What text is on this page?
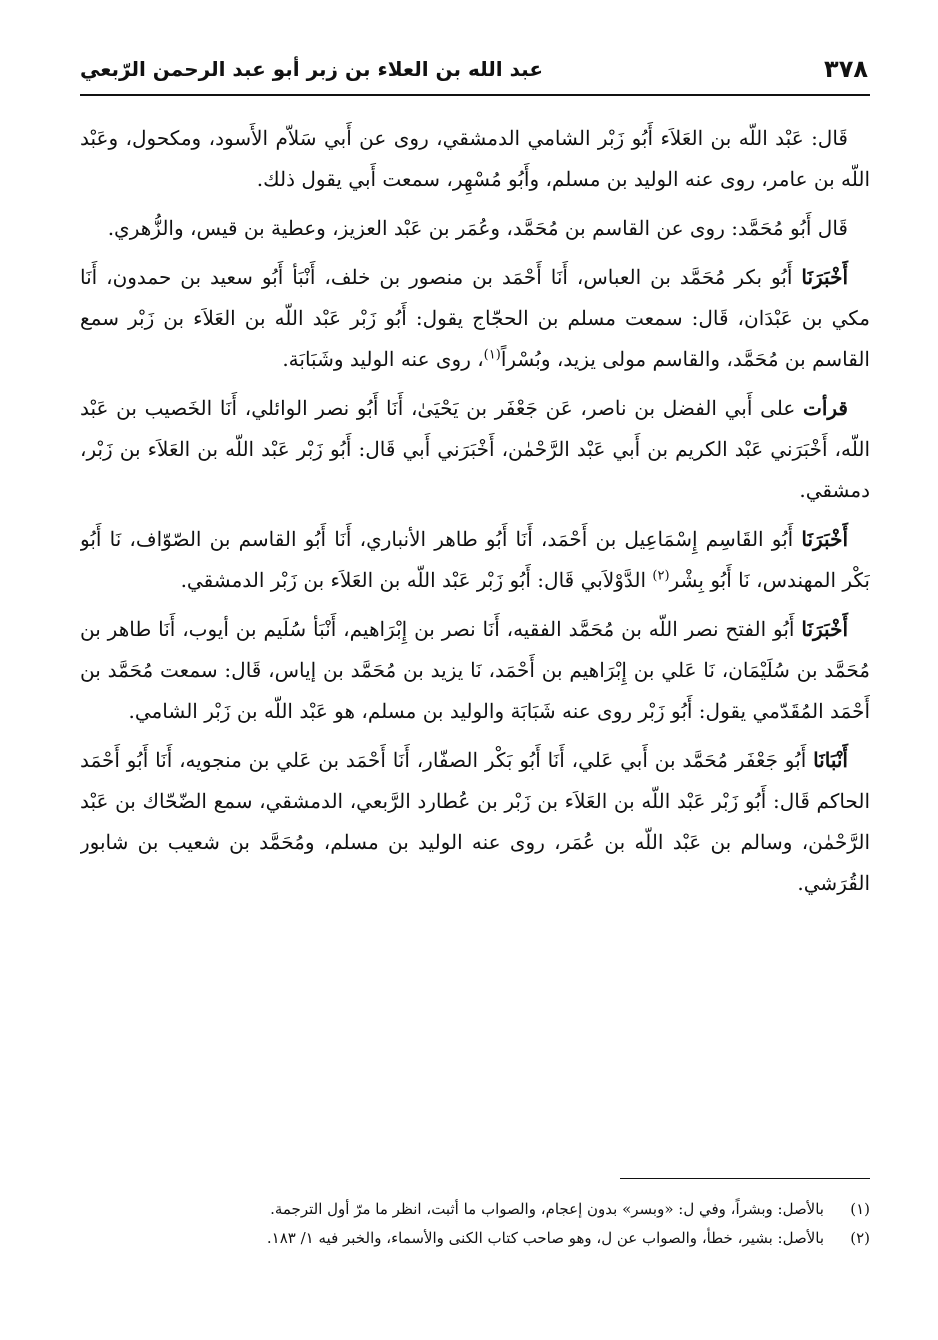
٣٧٨
عبد الله بن العلاء بن زبر أبو عبد الرحمن الرّبعي

قَال: عَبْد اللّه بن العَلاَء أَبُو زَبْر الشامي الدمشقي، روى عن أَبي سَلاّم الأَسود، ومكحول، وعَبْد اللّه بن عامر، روى عنه الوليد بن مسلم، وأَبُو مُسْهِر، سمعت أَبي يقول ذلك.

قَال أَبُو مُحَمَّد: روى عن القاسم بن مُحَمَّد، وعُمَر بن عَبْد العزيز، وعطية بن قيس، والزُّهري.

أَخْبَرَنَا أَبُو بكر مُحَمَّد بن العباس، أَنَا أَحْمَد بن منصور بن خلف، أَنْبَأ أَبُو سعيد بن حمدون، أَنَا مكي بن عَبْدَان، قَال: سمعت مسلم بن الحجّاج يقول: أَبُو زَبْر عَبْد اللّه بن العَلاَء بن زَبْر سمع القاسم بن مُحَمَّد، والقاسم مولى يزيد، وبُسْراً$^{(١)}$، روى عنه الوليد وشَبَابَة.

قرأت على أَبي الفضل بن ناصر، عَن جَعْفَر بن يَحْيَىٰ، أَنَا أَبُو نصر الوائلي، أَنَا الخَصيب بن عَبْد اللّه، أَخْبَرَني عَبْد الكريم بن أَبي عَبْد الرَّحْمٰن، أَخْبَرَني أَبي قَال: أَبُو زَبْر عَبْد اللّه بن العَلاَء بن زَبْر، دمشقي.

أَخْبَرَنَا أَبُو القَاسِم إِسْمَاعِيل بن أَحْمَد، أَنَا أَبُو طاهر الأنباري، أَنَا أَبُو القاسم بن الصّوّاف، نَا أَبُو بَكْر المهندس، نَا أَبُو بِشْر$^{(٢)}$ الدَّوْلاَبي قَال: أَبُو زَبْر عَبْد اللّه بن العَلاَء بن زَبْر الدمشقي.

أَخْبَرَنَا أَبُو الفتح نصر اللّه بن مُحَمَّد الفقيه، أَنَا نصر بن إِبْرَاهيم، أَنْبَأ سُلَيم بن أيوب، أَنَا طاهر بن مُحَمَّد بن سُلَيْمَان، نَا عَلي بن إِبْرَاهيم بن أَحْمَد، نَا يزيد بن مُحَمَّد بن إياس، قَال: سمعت مُحَمَّد بن أَحْمَد المُقَدّمي يقول: أَبُو زَبْر روى عنه شَبَابَة والوليد بن مسلم، هو عَبْد اللّه بن زَبْر الشامي.

أَنْبَانَا أَبُو جَعْفَر مُحَمَّد بن أَبي عَلي، أَنَا أَبُو بَكْر الصفّار، أَنَا أَحْمَد بن عَلي بن منجويه، أَنَا أَبُو أَحْمَد الحاكم قَال: أَبُو زَبْر عَبْد اللّه بن العَلاَء بن زَبْر بن عُطارد الرَّبعي، الدمشقي، سمع الضّحّاك بن عَبْد الرَّحْمٰن، وسالم بن عَبْد اللّه بن عُمَر، روى عنه الوليد بن مسلم، ومُحَمَّد بن شعيب بن شابور القُرَشي.

(١)
بالأصل: وبشراً، وفي ل: «وبسر» بدون إعجام، والصواب ما أثبت، انظر ما مرّ أول الترجمة.
(٢)
بالأصل: بشير، خطأ، والصواب عن ل، وهو صاحب كتاب الكنى والأسماء، والخبر فيه ١/ ١٨٣.
